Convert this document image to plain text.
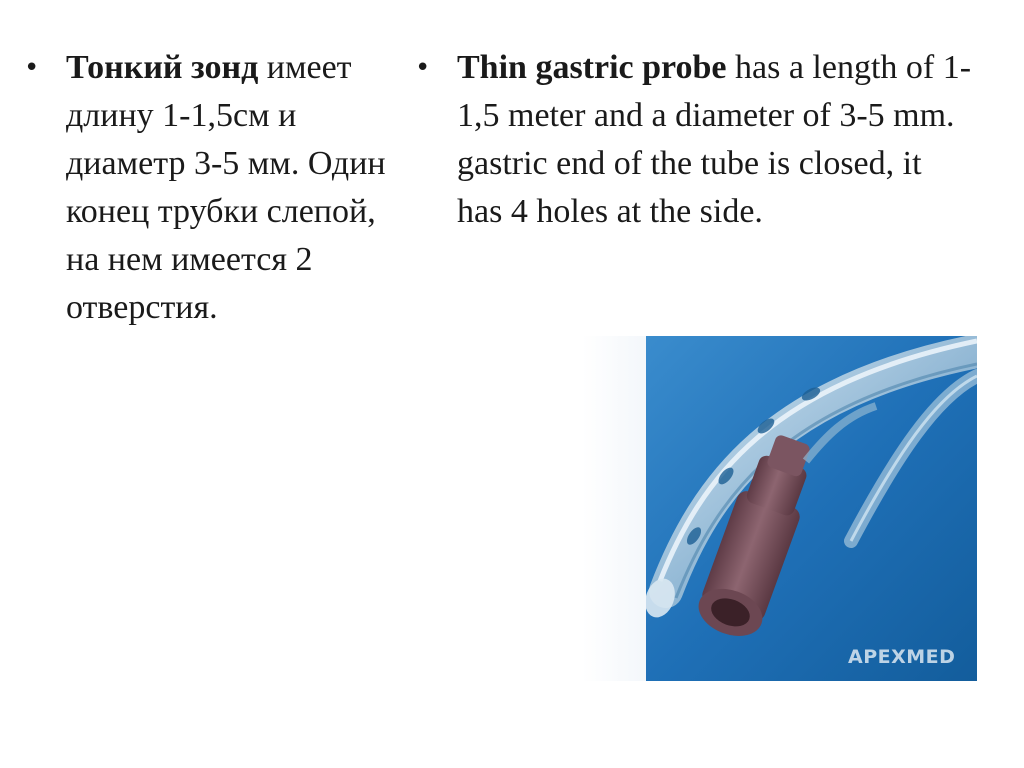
• Тонкий зонд имеет длину 1-1,5см и диаметр 3-5 мм. Один конец трубки слепой, на нем имеется 2 отверстия.
• Thin gastric probe has a length of 1-1,5 meter and a diameter of 3-5 mm. gastric end of the tube is closed, it has 4 holes at the side.
APEXMED
